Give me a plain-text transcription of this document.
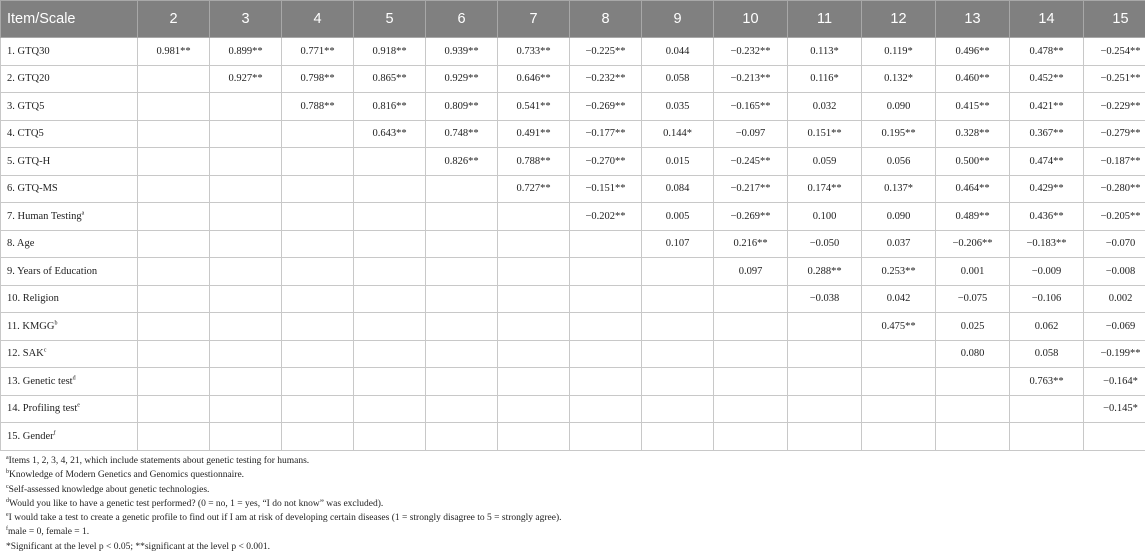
Item/Scale	2	3	4	5	6	7	8	9	10	11	12	13	14	15
1. GTQ30	0.981**	0.899**	0.771**	0.918**	0.939**	0.733**	−0.225**	0.044	−0.232**	0.113*	0.119*	0.496**	0.478**	−0.254**
2. GTQ20		0.927**	0.798**	0.865**	0.929**	0.646**	−0.232**	0.058	−0.213**	0.116*	0.132*	0.460**	0.452**	−0.251**
3. GTQ5			0.788**	0.816**	0.809**	0.541**	−0.269**	0.035	−0.165**	0.032	0.090	0.415**	0.421**	−0.229**
4. CTQ5				0.643**	0.748**	0.491**	−0.177**	0.144*	−0.097	0.151**	0.195**	0.328**	0.367**	−0.279**
5. GTQ-H					0.826**	0.788**	−0.270**	0.015	−0.245**	0.059	0.056	0.500**	0.474**	−0.187**
6. GTQ-MS						0.727**	−0.151**	0.084	−0.217**	0.174**	0.137*	0.464**	0.429**	−0.280**
7. Human Testing$^a$							−0.202**	0.005	−0.269**	0.100	0.090	0.489**	0.436**	−0.205**
8. Age								0.107	0.216**	−0.050	0.037	−0.206**	−0.183**	−0.070
9. Years of Education									0.097	0.288**	0.253**	0.001	−0.009	−0.008
10. Religion										−0.038	0.042	−0.075	−0.106	0.002
11. KMGG$^b$											0.475**	0.025	0.062	−0.069
12. SAK$^c$												0.080	0.058	−0.199**
13. Genetic test$^d$													0.763**	−0.164*
14. Profiling test$^e$														−0.145*
15. Gender$^f$														
$^a$Items 1, 2, 3, 4, 21, which include statements about genetic testing for humans.
$^b$Knowledge of Modern Genetics and Genomics questionnaire.
$^c$Self-assessed knowledge about genetic technologies.
$^d$Would you like to have a genetic test performed? (0 = no, 1 = yes, “I do not know” was excluded).
$^e$I would take a test to create a genetic profile to find out if I am at risk of developing certain diseases (1 = strongly disagree to 5 = strongly agree).
$^f$male = 0, female = 1.
*Significant at the level p < 0.05; **significant at the level p < 0.001.
